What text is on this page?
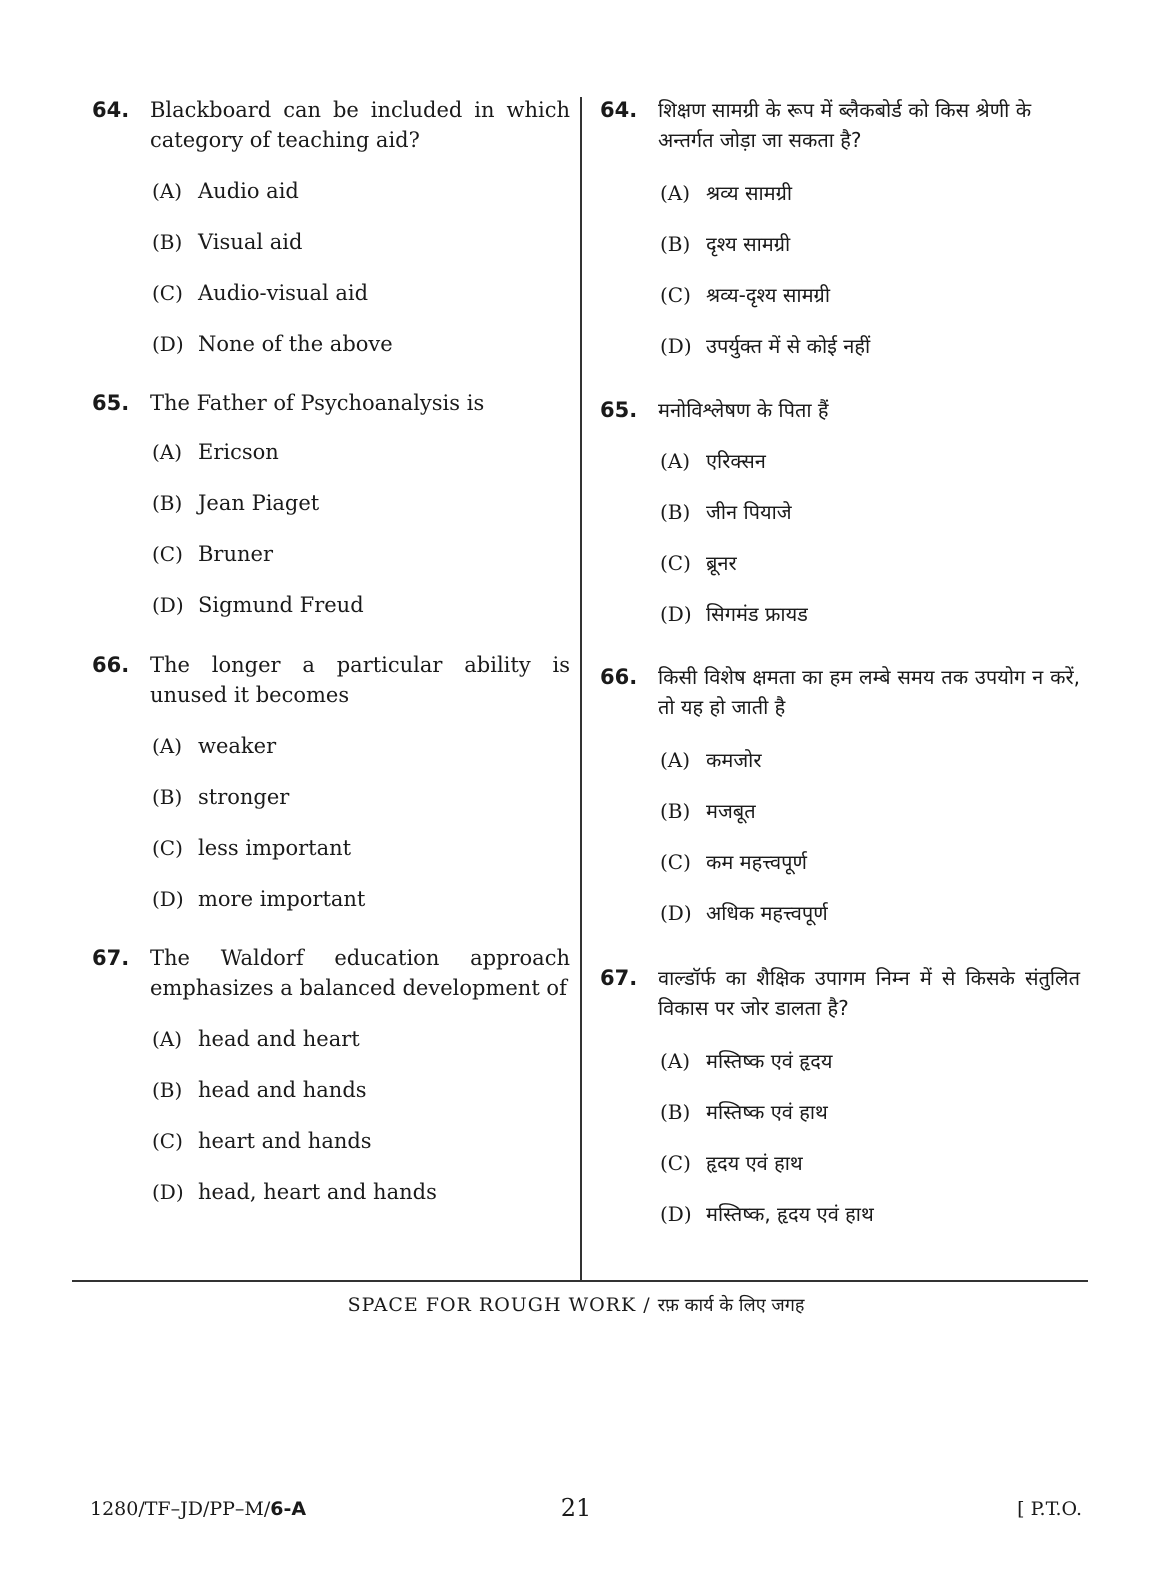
64. Blackboard can be included in which category of teaching aid?
(A) Audio aid
(B) Visual aid
(C) Audio-visual aid
(D) None of the above
65. The Father of Psychoanalysis is
(A) Ericson
(B) Jean Piaget
(C) Bruner
(D) Sigmund Freud
66. The longer a particular ability is unused it becomes
(A) weaker
(B) stronger
(C) less important
(D) more important
67. The Waldorf education approach emphasizes a balanced development of
(A) head and heart
(B) head and hands
(C) heart and hands
(D) head, heart and hands
64.	शिक्षण सामग्री के रूप में ब्लैकबोर्ड को किस श्रेणी के अन्तर्गत जोड़ा जा सकता है?
(A) श्रव्य सामग्री
(B) दृश्य सामग्री
(C) श्रव्य-दृश्य सामग्री
(D) उपर्युक्त में से कोई नहीं
65.	मनोविश्लेषण के पिता हैं
(A) एरिक्सन
(B) जीन पियाजे
(C) ब्रूनर
(D) सिगमंड फ्रायड
66.	किसी विशेष क्षमता का हम लम्बे समय तक उपयोग न करें, तो यह हो जाती है
(A) कमजोर
(B) मजबूत
(C) कम महत्त्वपूर्ण
(D) अधिक महत्त्वपूर्ण
67.	वाल्डॉर्फ का शैक्षिक उपागम निम्न में से किसके संतुलित विकास पर जोर डालता है?
(A) मस्तिष्क एवं हृदय
(B) मस्तिष्क एवं हाथ
(C) हृदय एवं हाथ
(D) मस्तिष्क, हृदय एवं हाथ
SPACE FOR ROUGH WORK / रफ़ कार्य के लिए जगह
1280/TF–JD/PP–M/6-A	21	[ P.T.O.
